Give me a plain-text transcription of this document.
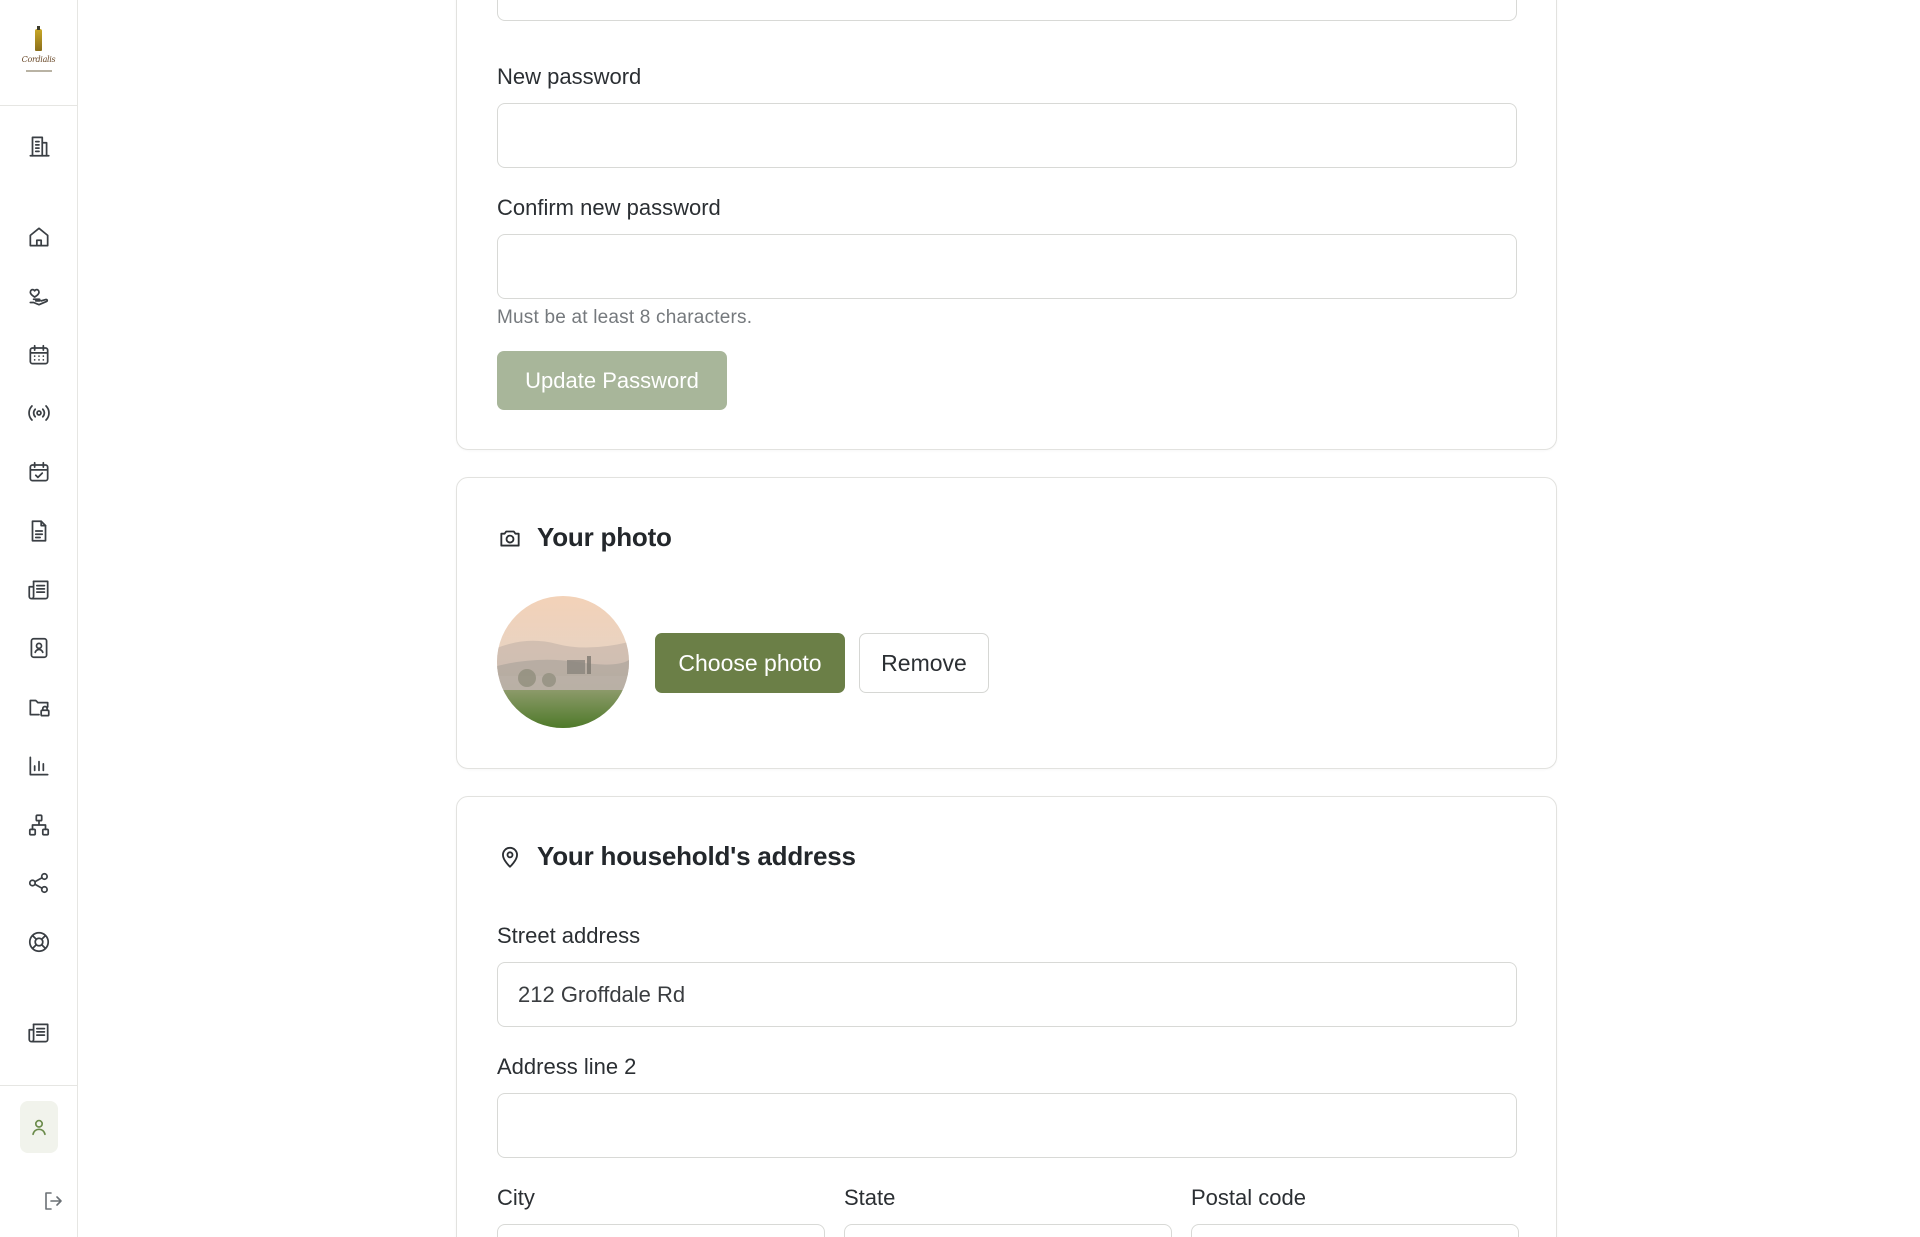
Cordialis
New password
Confirm new password
Must be at least 8 characters.
Update Password
Your photo
Choose photo	Remove
Your household's address
Street address
212 Groffdale Rd
Address line 2
City	State	Postal code
